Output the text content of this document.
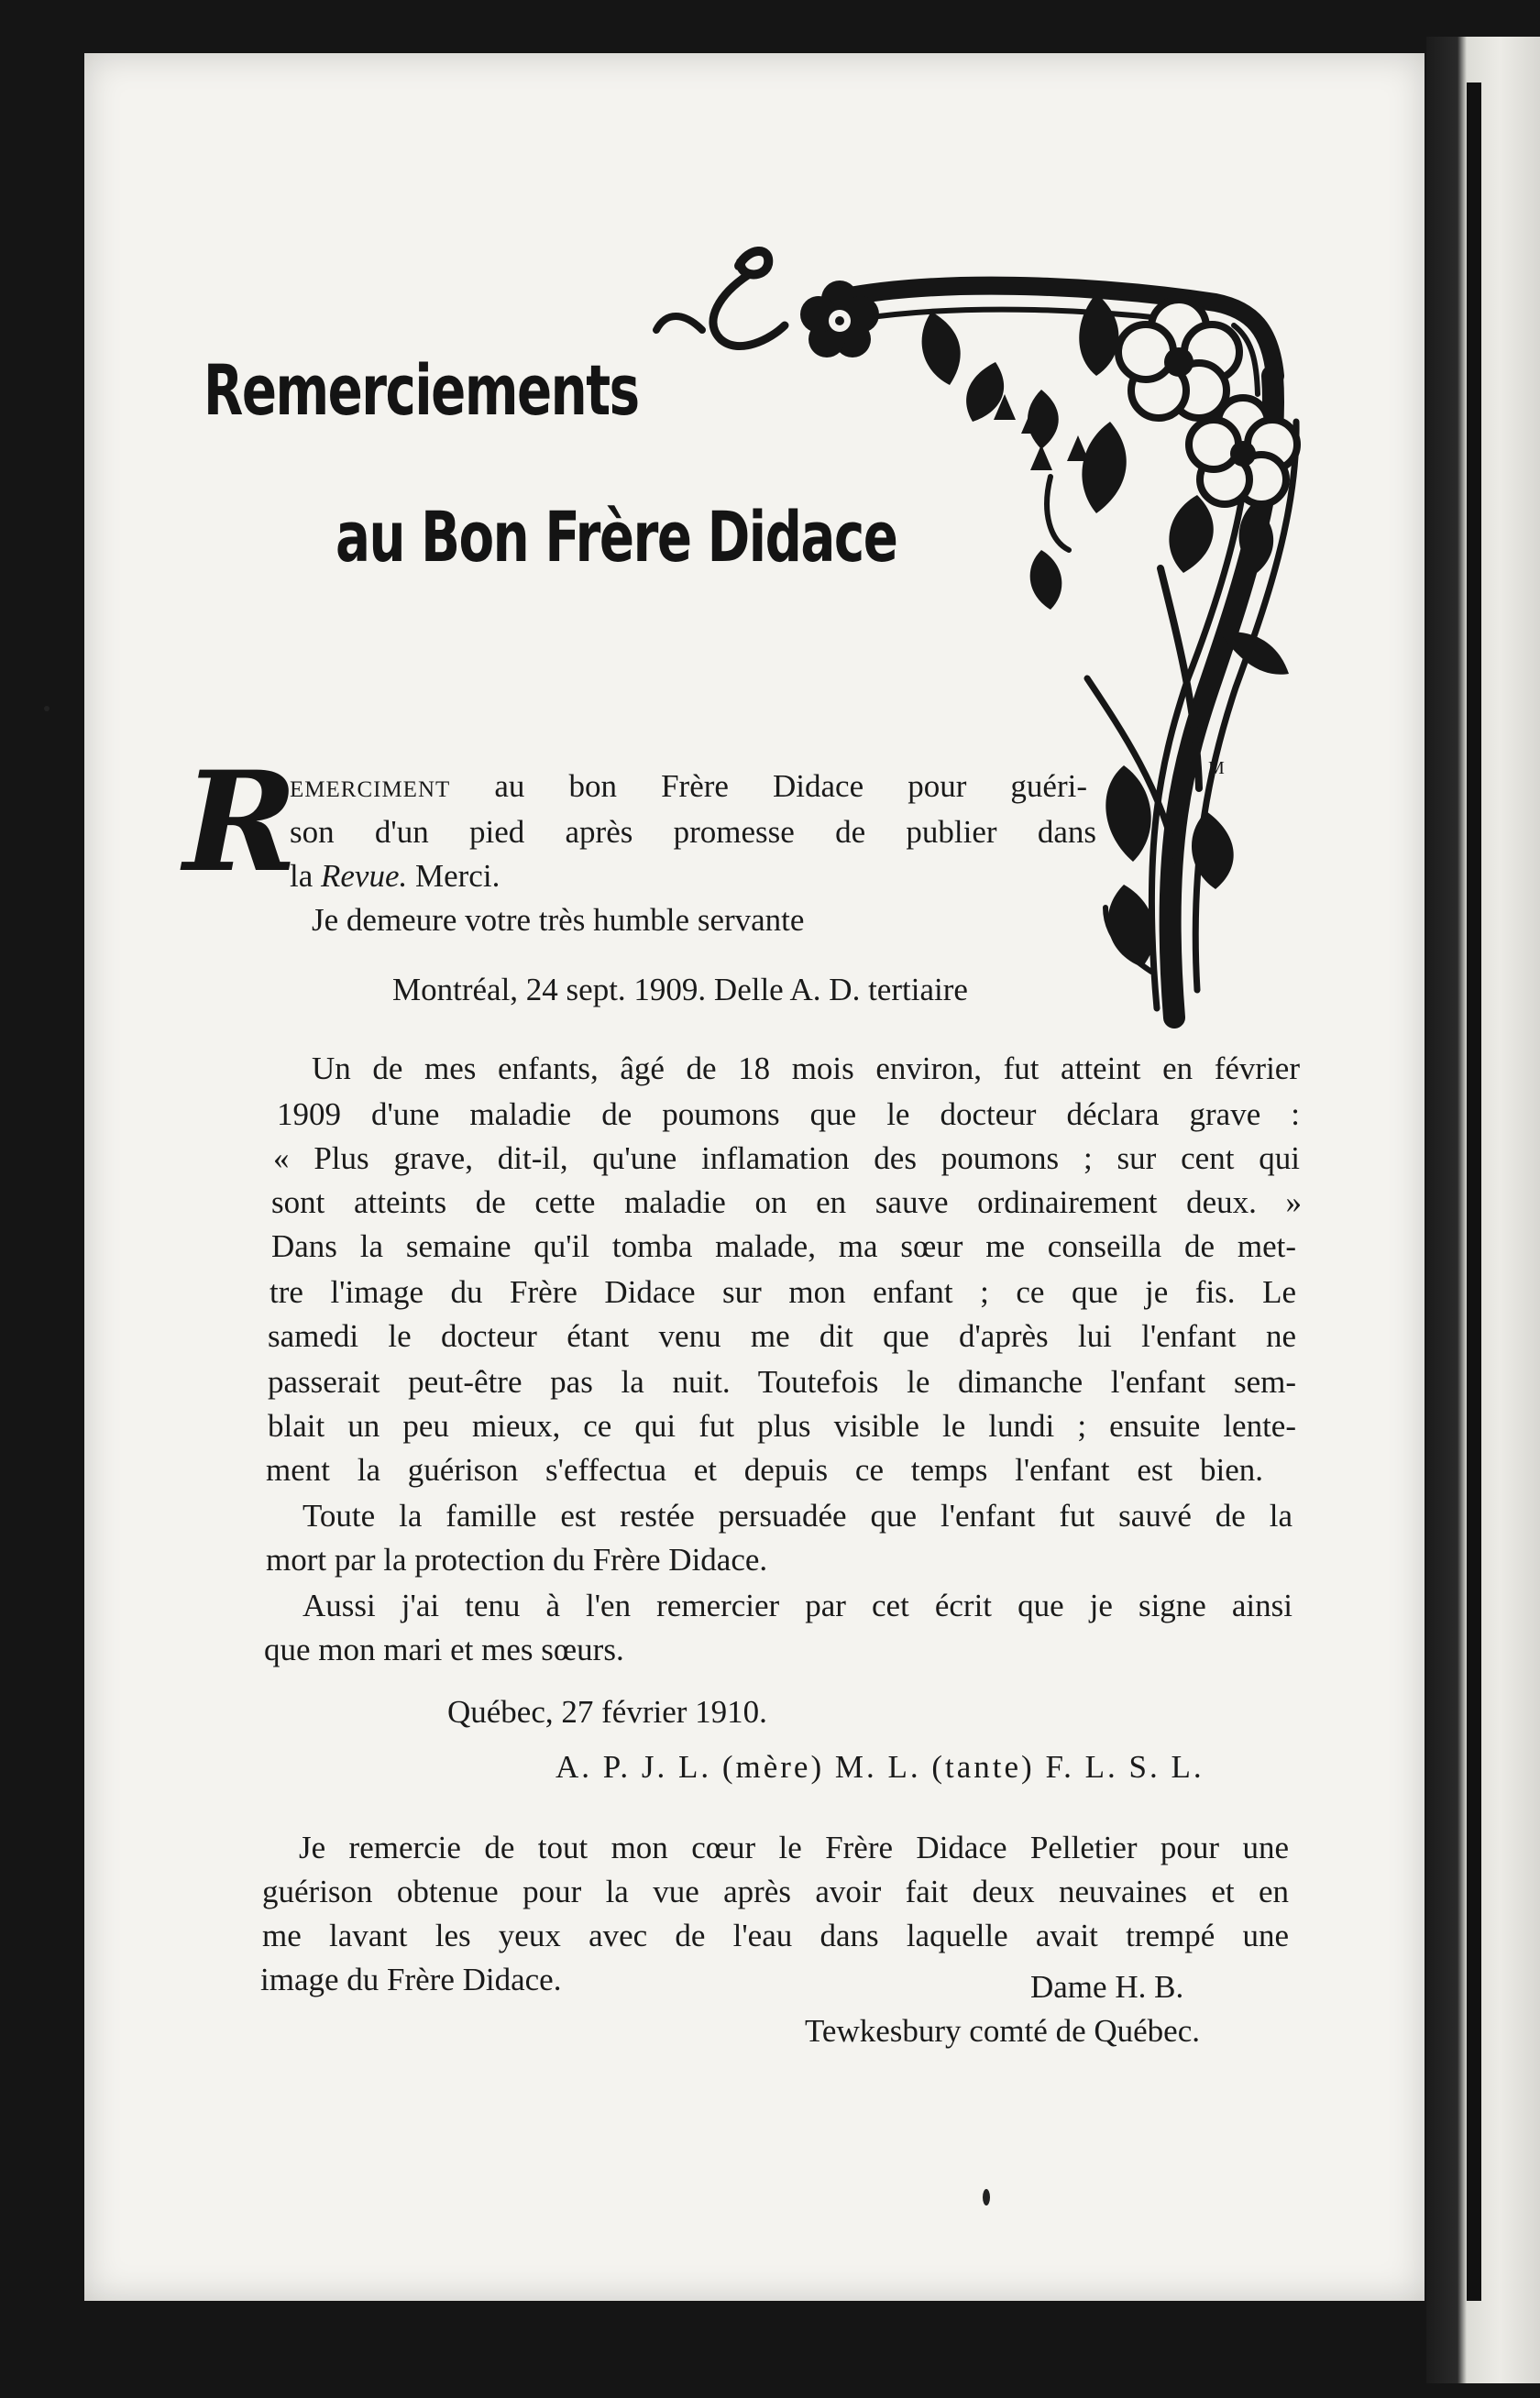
Remerciements
au Bon Frère Didace
M
R
emerciment au bon Frère Didace pour guéri-
son d'un pied après promesse de publier dans
la Revue. Merci.
Je demeure votre très humble servante
Montréal, 24 sept. 1909. Delle A. D. tertiaire
Un de mes enfants, âgé de 18 mois environ, fut atteint en février
1909 d'une maladie de poumons que le docteur déclara grave :
« Plus grave, dit-il, qu'une inflamation des poumons ; sur cent qui
sont atteints de cette maladie on en sauve ordinairement deux. »
Dans la semaine qu'il tomba malade, ma sœur me conseilla de met-
tre l'image du Frère Didace sur mon enfant ; ce que je fis. Le
samedi le docteur étant venu me dit que d'après lui l'enfant ne
passerait peut-être pas la nuit. Toutefois le dimanche l'enfant sem-
blait un peu mieux, ce qui fut plus visible le lundi ; ensuite lente-
ment la guérison s'effectua et depuis ce temps l'enfant est bien.
Toute la famille est restée persuadée que l'enfant fut sauvé de la
mort par la protection du Frère Didace.
Aussi j'ai tenu à l'en remercier par cet écrit que je signe ainsi
que mon mari et mes sœurs.
Québec, 27 février 1910.
A. P. J. L. (mère) M. L. (tante) F. L. S. L.
Je remercie de tout mon cœur le Frère Didace Pelletier pour une
guérison obtenue pour la vue après avoir fait deux neuvaines et en
me lavant les yeux avec de l'eau dans laquelle avait trempé une
image du Frère Didace.	Dame H. B.
Tewkesbury comté de Québec.
